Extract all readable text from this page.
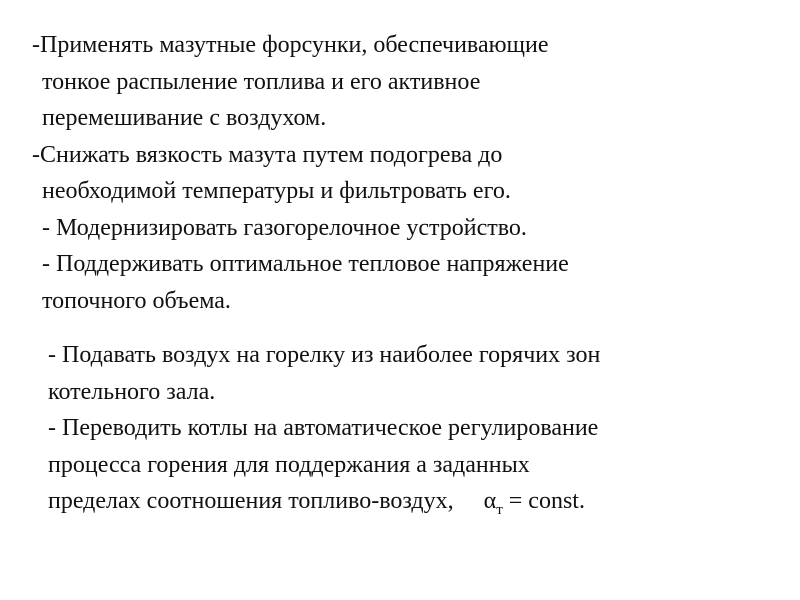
-Применять мазутные форсунки, обеспечивающие
тонкое распыление топлива и его активное
перемешивание с воздухом.
-Снижать вязкость мазута путем подогрева до
необходимой температуры и фильтровать его.
- Модернизировать газогорелочное устройство.
- Поддерживать оптимальное тепловое напряжение
топочного объема.
- Подавать воздух на горелку из наиболее горячих зон
котельного зала.
- Переводить котлы на автоматическое регулирование
процесса горения для поддержания а заданных
пределах соотношения топливо-воздух, $\alpha_т$ = const.
